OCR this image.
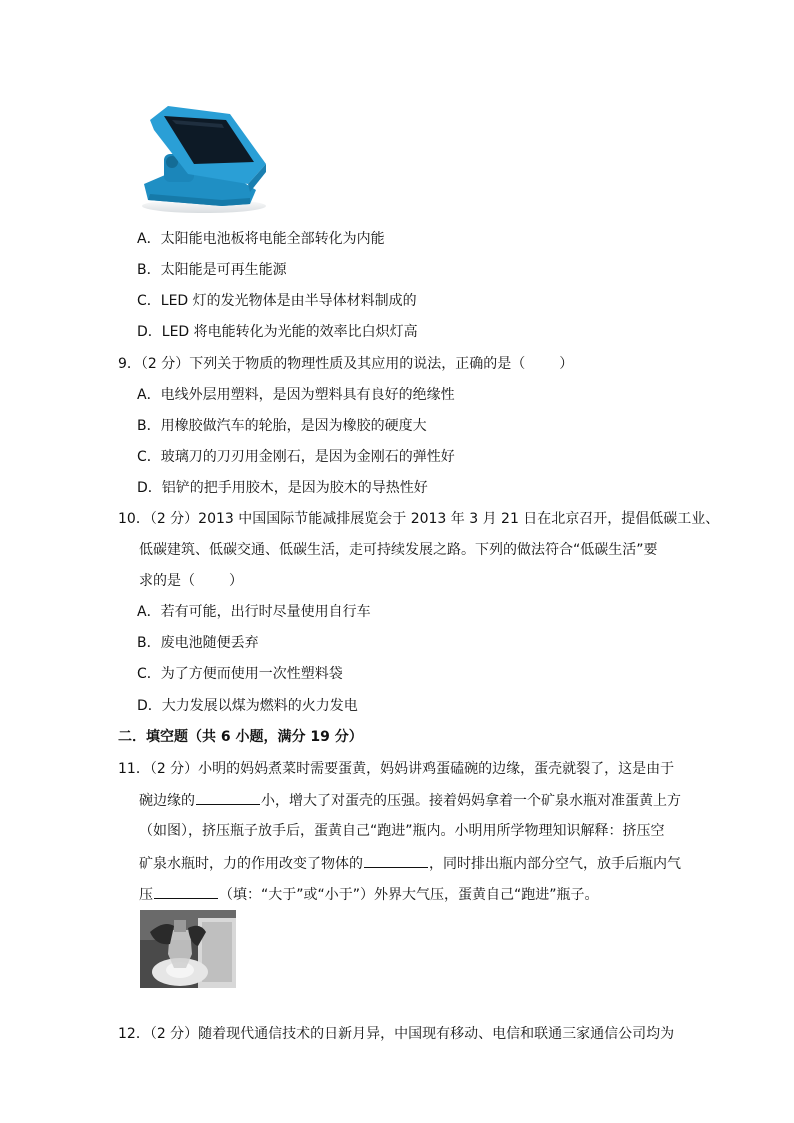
A．太阳能电池板将电能全部转化为内能
B．太阳能是可再生能源
C．LED 灯的发光物体是由半导体材料制成的
D．LED 将电能转化为光能的效率比白炽灯高
9．（2 分）下列关于物质的物理性质及其应用的说法，正确的是（ ）
A．电线外层用塑料，是因为塑料具有良好的绝缘性
B．用橡胶做汽车的轮胎，是因为橡胶的硬度大
C．玻璃刀的刀刃用金刚石，是因为金刚石的弹性好
D．铝铲的把手用胶木，是因为胶木的导热性好
10．（2 分）2013 中国国际节能减排展览会于 2013 年 3 月 21 日在北京召开，提倡低碳工业、
低碳建筑、低碳交通、低碳生活，走可持续发展之路。下列的做法符合“低碳生活”要
求的是（ ）
A．若有可能，出行时尽量使用自行车
B．废电池随便丢弃
C．为了方便而使用一次性塑料袋
D．大力发展以煤为燃料的火力发电
二．填空题（共 6 小题，满分 19 分）
11．（2 分）小明的妈妈煮菜时需要蛋黄，妈妈讲鸡蛋磕碗的边缘，蛋壳就裂了，这是由于
碗边缘的	小，增大了对蛋壳的压强。接着妈妈拿着一个矿泉水瓶对准蛋黄上方
（如图），挤压瓶子放手后，蛋黄自己“跑进”瓶内。小明用所学物理知识解释：挤压空
矿泉水瓶时，力的作用改变了物体的	，同时排出瓶内部分空气，放手后瓶内气
压	（填：“大于”或“小于”）外界大气压，蛋黄自己“跑进”瓶子。
12．（2 分）随着现代通信技术的日新月异，中国现有移动、电信和联通三家通信公司均为
